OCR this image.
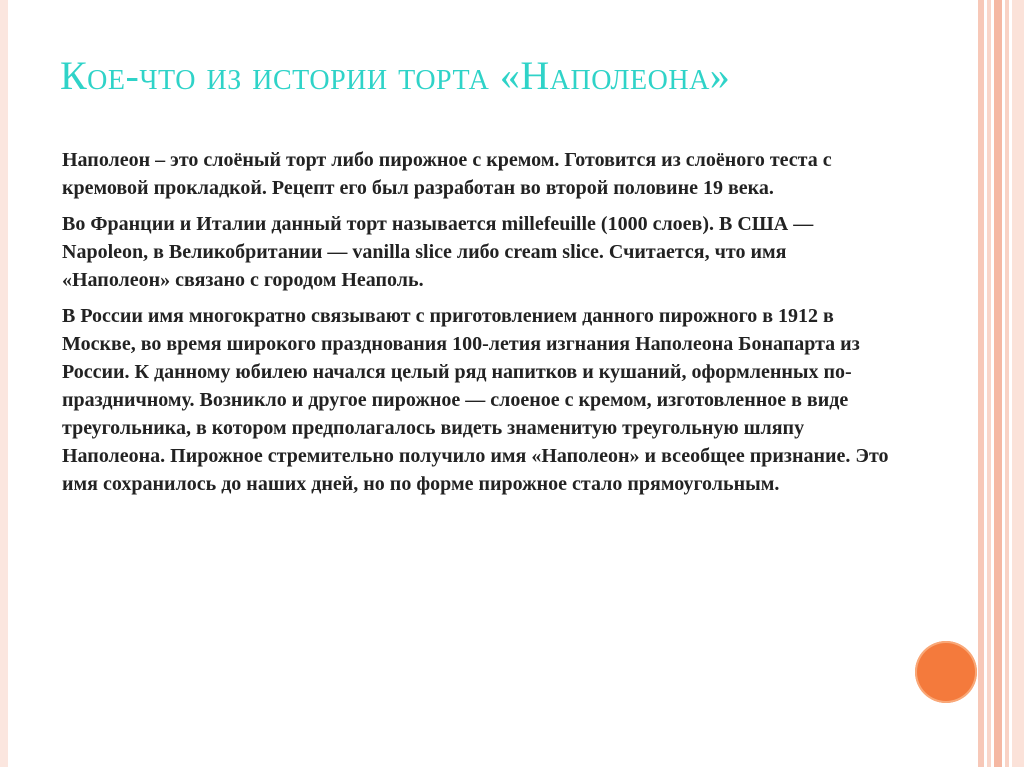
Кое-что из истории торта «Наполеона»

Наполеон – это слоёный торт либо пирожное с кремом. Готовится из слоёного теста с кремовой прокладкой. Рецепт его был разработан во второй половине 19 века.

Во Франции и Италии данный торт называется millefeuille (1000 слоев). В США — Napoleon, в Великобритании — vanilla slice либо cream slice. Считается, что имя «Наполеон» связано с городом Неаполь.

В России имя многократно связывают с приготовлением данного пирожного в 1912 в Москве, во время широкого празднования 100-летия изгнания Наполеона Бонапарта из России. К данному юбилею начался целый ряд напитков и кушаний, оформленных по-праздничному. Возникло и другое пирожное — слоеное с кремом, изготовленное в виде треугольника, в котором предполагалось видеть знаменитую треугольную шляпу Наполеона. Пирожное стремительно получило имя «Наполеон» и всеобщее признание. Это имя сохранилось до наших дней, но по форме пирожное стало прямоугольным.
